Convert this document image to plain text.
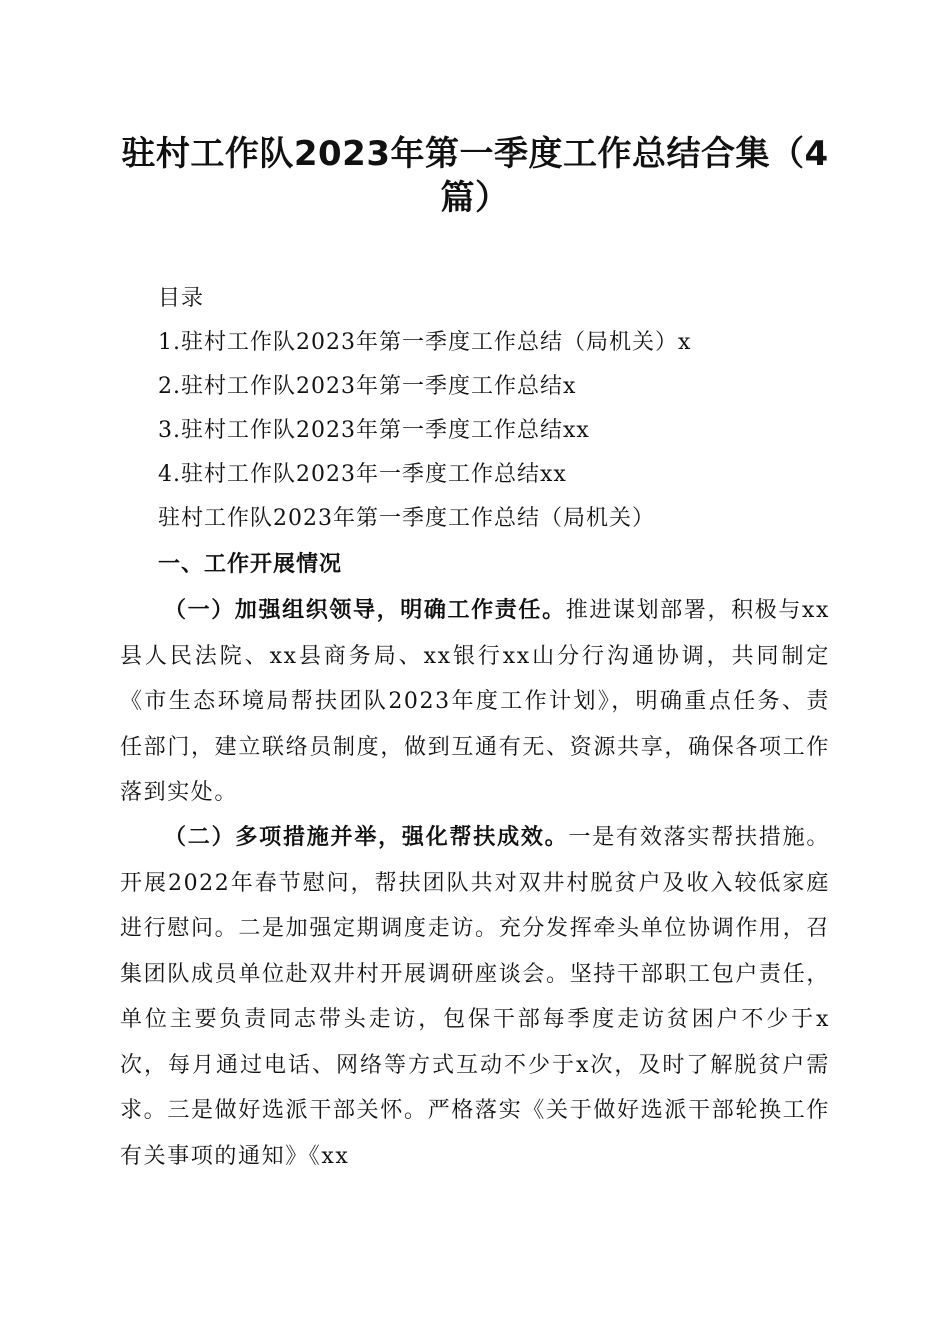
驻村工作队2023年第一季度工作总结合集（4
篇）
目录
1.驻村工作队2023年第一季度工作总结（局机关）x
2.驻村工作队2023年第一季度工作总结x
3.驻村工作队2023年第一季度工作总结xx
4.驻村工作队2023年一季度工作总结xx
驻村工作队2023年第一季度工作总结（局机关）
一、工作开展情况
（一）加强组织领导，明确工作责任。推进谋划部署，积极与xx县人民法院、xx县商务局、xx银行xx山分行沟通协调，共同制定《市生态环境局帮扶团队2023年度工作计划》，明确重点任务、责任部门，建立联络员制度，做到互通有无、资源共享，确保各项工作落到实处。
（二）多项措施并举，强化帮扶成效。一是有效落实帮扶措施。开展2022年春节慰问，帮扶团队共对双井村脱贫户及收入较低家庭进行慰问。二是加强定期调度走访。充分发挥牵头单位协调作用，召集团队成员单位赴双井村开展调研座谈会。坚持干部职工包户责任，单位主要负责同志带头走访，包保干部每季度走访贫困户不少于x次，每月通过电话、网络等方式互动不少于x次，及时了解脱贫户需求。三是做好选派干部关怀。严格落实《关于做好选派干部轮换工作有关事项的通知》《xx
